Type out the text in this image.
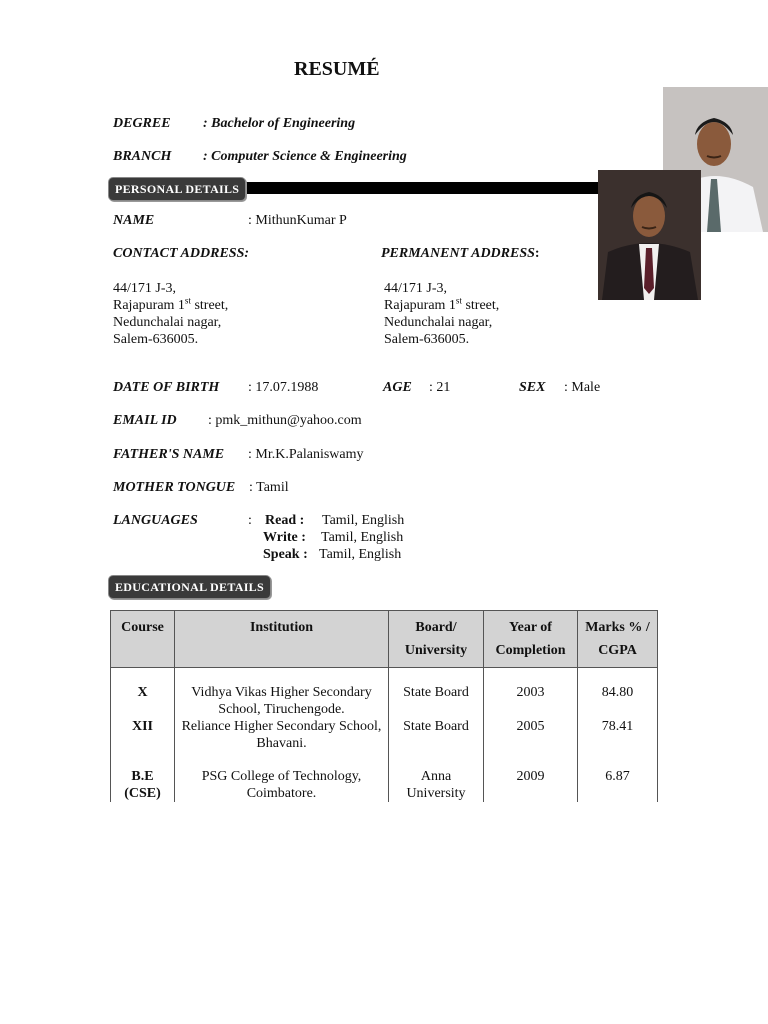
RESUMÉ
DEGREE : Bachelor of Engineering
BRANCH : Computer Science & Engineering
PERSONAL DETAILS
NAME	: MithunKumar P
CONTACT ADDRESS:	PERMANENT ADDRESS:
44/171 J-3,
Rajapuram 1st street,
Nedunchalai nagar,
Salem-636005.
44/171 J-3,
Rajapuram 1st street,
Nedunchalai nagar,
Salem-636005.
DATE OF BIRTH : 17.07.1988	AGE : 21	SEX : Male
EMAIL ID : pmk_mithun@yahoo.com
FATHER'S NAME : Mr.K.Palaniswamy
MOTHER TONGUE : Tamil
LANGUAGES	: Read : Tamil, English
Write : Tamil, English
Speak : Tamil, English
EDUCATIONAL DETAILS
Course	Institution	Board/ University	Year of Completion	Marks % / CGPA
X	Vidhya Vikas Higher Secondary School, Tiruchengode.	State Board	2003	84.80
XII	Reliance Higher Secondary School, Bhavani.	State Board	2005	78.41
B.E (CSE)	PSG College of Technology, Coimbatore.	Anna University	2009	6.87
